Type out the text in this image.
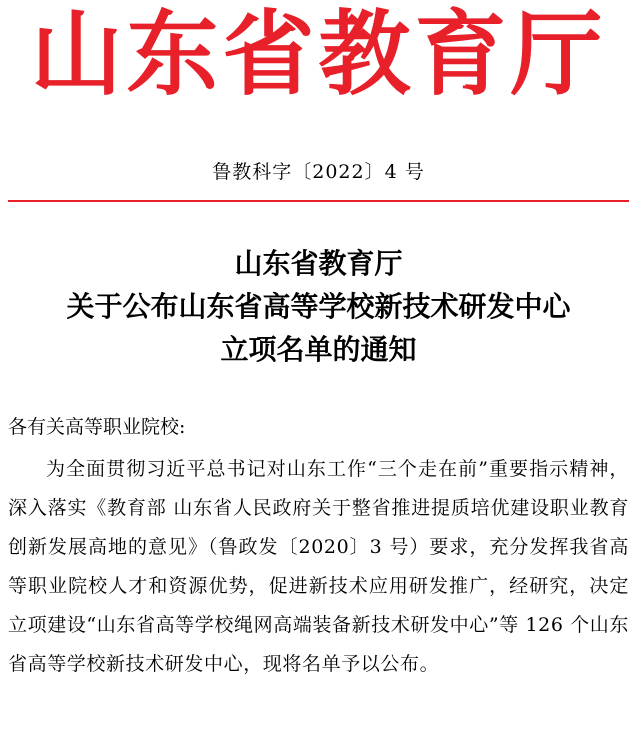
山东省教育厅
鲁教科字〔2022〕4 号
山东省教育厅
关于公布山东省高等学校新技术研发中心
立项名单的通知
各有关高等职业院校:

为全面贯彻习近平总书记对山东工作“三个走在前”重要指示精神，深入落实《教育部 山东省人民政府关于整省推进提质培优建设职业教育创新发展高地的意见》（鲁政发〔2020〕3 号）要求，充分发挥我省高等职业院校人才和资源优势，促进新技术应用研发推广，经研究，决定立项建设“山东省高等学校绳网高端装备新技术研发中心”等 126 个山东省高等学校新技术研发中心，现将名单予以公布。
